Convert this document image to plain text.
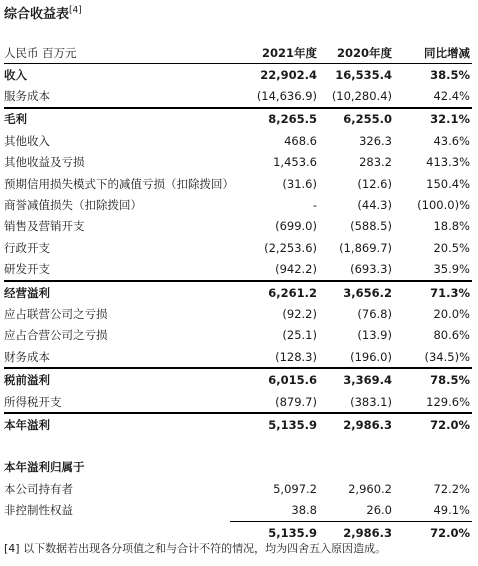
综合收益表[4]
人民币 百万元	2021年度	2020年度	同比增减
收入	22,902.4	16,535.4	38.5%
服务成本	(14,636.9)	(10,280.4)	42.4%
毛利	8,265.5	6,255.0	32.1%
其他收入	468.6	326.3	43.6%
其他收益及亏损	1,453.6	283.2	413.3%
预期信用损失模式下的减值亏损（扣除拨回）	(31.6)	(12.6)	150.4%
商誉减值损失（扣除拨回）	-	(44.3)	(100.0)%
销售及营销开支	(699.0)	(588.5)	18.8%
行政开支	(2,253.6)	(1,869.7)	20.5%
研发开支	(942.2)	(693.3)	35.9%
经营溢利	6,261.2	3,656.2	71.3%
应占联营公司之亏损	(92.2)	(76.8)	20.0%
应占合营公司之亏损	(25.1)	(13.9)	80.6%
财务成本	(128.3)	(196.0)	(34.5)%
税前溢利	6,015.6	3,369.4	78.5%
所得税开支	(879.7)	(383.1)	129.6%
本年溢利	5,135.9	2,986.3	72.0%

本年溢利归属于			
本公司持有者	5,097.2	2,960.2	72.2%
非控制性权益	38.8	26.0	49.1%
	5,135.9	2,986.3	72.0%
[4] 以下数据若出现各分项值之和与合计不符的情况，均为四舍五入原因造成。
